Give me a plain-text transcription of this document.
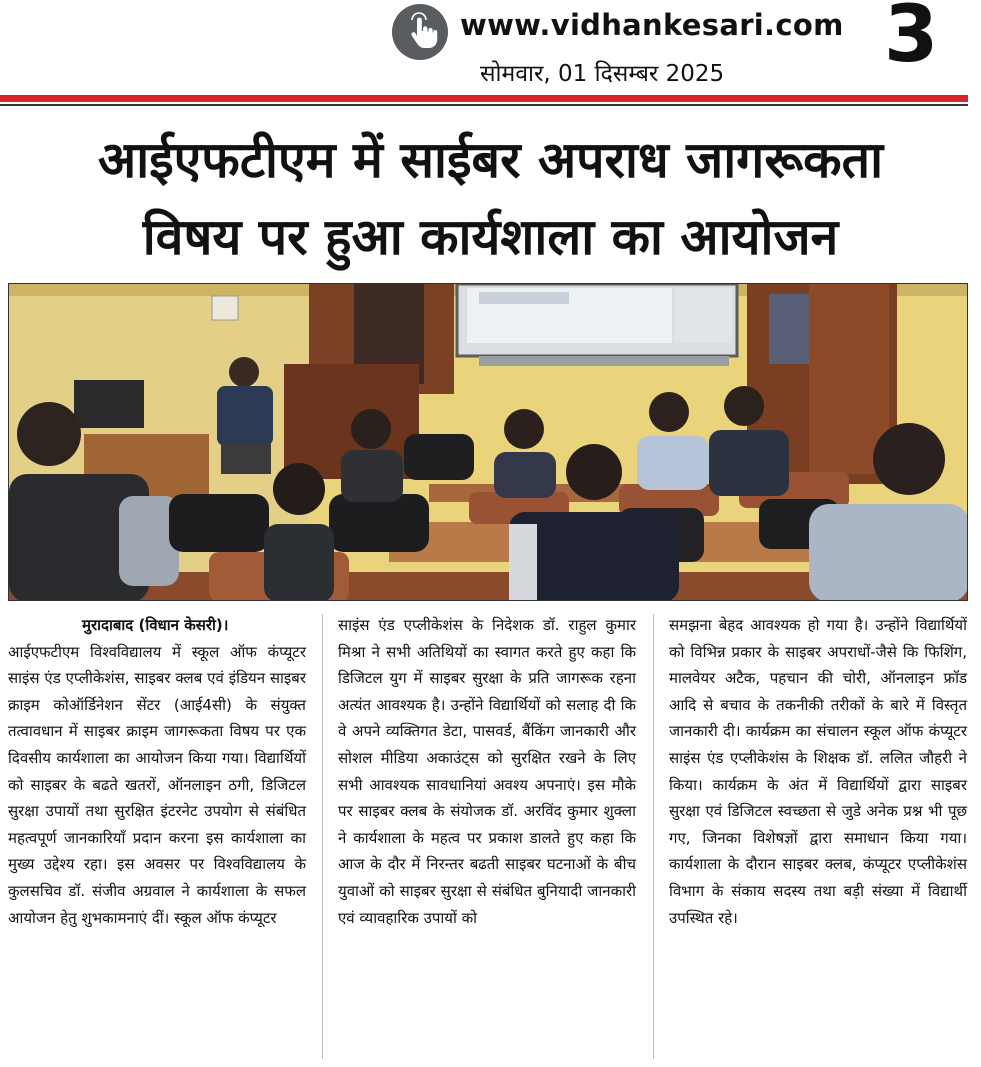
www.vidhankesari.com
सोमवार, 01 दिसम्बर 2025 3
आईएफटीएम में साईबर अपराध जागरूकता
विषय पर हुआ कार्यशाला का आयोजन
मुरादाबाद (विधान केसरी)।

आईएफटीएम विश्वविद्यालय में स्कूल ऑफ कंप्यूटर साइंस एंड एप्लीकेशंस, साइबर क्लब एवं इंडियन साइबर क्राइम कोऑर्डिनेशन सेंटर (आई4सी) के संयुक्त तत्वावधान में साइबर क्राइम जागरूकता विषय पर एक दिवसीय कार्यशाला का आयोजन किया गया। विद्यार्थियों को साइबर के बढते खतरों, ऑनलाइन ठगी, डिजिटल सुरक्षा उपायों तथा सुरक्षित इंटरनेट उपयोग से संबंधित महत्वपूर्ण जानकारियाँ प्रदान करना इस कार्यशाला का मुख्य उद्देश्य रहा। इस अवसर पर विश्वविद्यालय के कुलसचिव डॉ. संजीव अग्रवाल ने कार्यशाला के सफल आयोजन हेतु शुभकामनाएं दीं। स्कूल ऑफ कंप्यूटर

साइंस एंड एप्लीकेशंस के निदेशक डॉ. राहुल कुमार मिश्रा ने सभी अतिथियों का स्वागत करते हुए कहा कि डिजिटल युग में साइबर सुरक्षा के प्रति जागरूक रहना अत्यंत आवश्यक है। उन्होंने विद्यार्थियों को सलाह दी कि वे अपने व्यक्तिगत डेटा, पासवर्ड, बैंकिंग जानकारी और सोशल मीडिया अकाउंट्स को सुरक्षित रखने के लिए सभी आवश्यक सावधानियां अवश्य अपनाएं। इस मौके पर साइबर क्लब के संयोजक डॉ. अरविंद कुमार शुक्ला ने कार्यशाला के महत्व पर प्रकाश डालते हुए कहा कि आज के दौर में निरन्तर बढती साइबर घटनाओं के बीच युवाओं को साइबर सुरक्षा से संबंधित बुनियादी जानकारी एवं व्यावहारिक उपायों को

समझना बेहद आवश्यक हो गया है। उन्होंने विद्यार्थियों को विभिन्न प्रकार के साइबर अपराधों-जैसे कि फिशिंग, मालवेयर अटैक, पहचान की चोरी, ऑनलाइन फ्रॉड आदि से बचाव के तकनीकी तरीकों के बारे में विस्तृत जानकारी दी। कार्यक्रम का संचालन स्कूल ऑफ कंप्यूटर साइंस एंड एप्लीकेशंस के शिक्षक डॉ. ललित जौहरी ने किया। कार्यक्रम के अंत में विद्यार्थियों द्वारा साइबर सुरक्षा एवं डिजिटल स्वच्छता से जुडे अनेक प्रश्न भी पूछ गए, जिनका विशेषज्ञों द्वारा समाधान किया गया। कार्यशाला के दौरान साइबर क्लब, कंप्यूटर एप्लीकेशंस विभाग के संकाय सदस्य तथा बड़ी संख्या में विद्यार्थी उपस्थित रहे।
